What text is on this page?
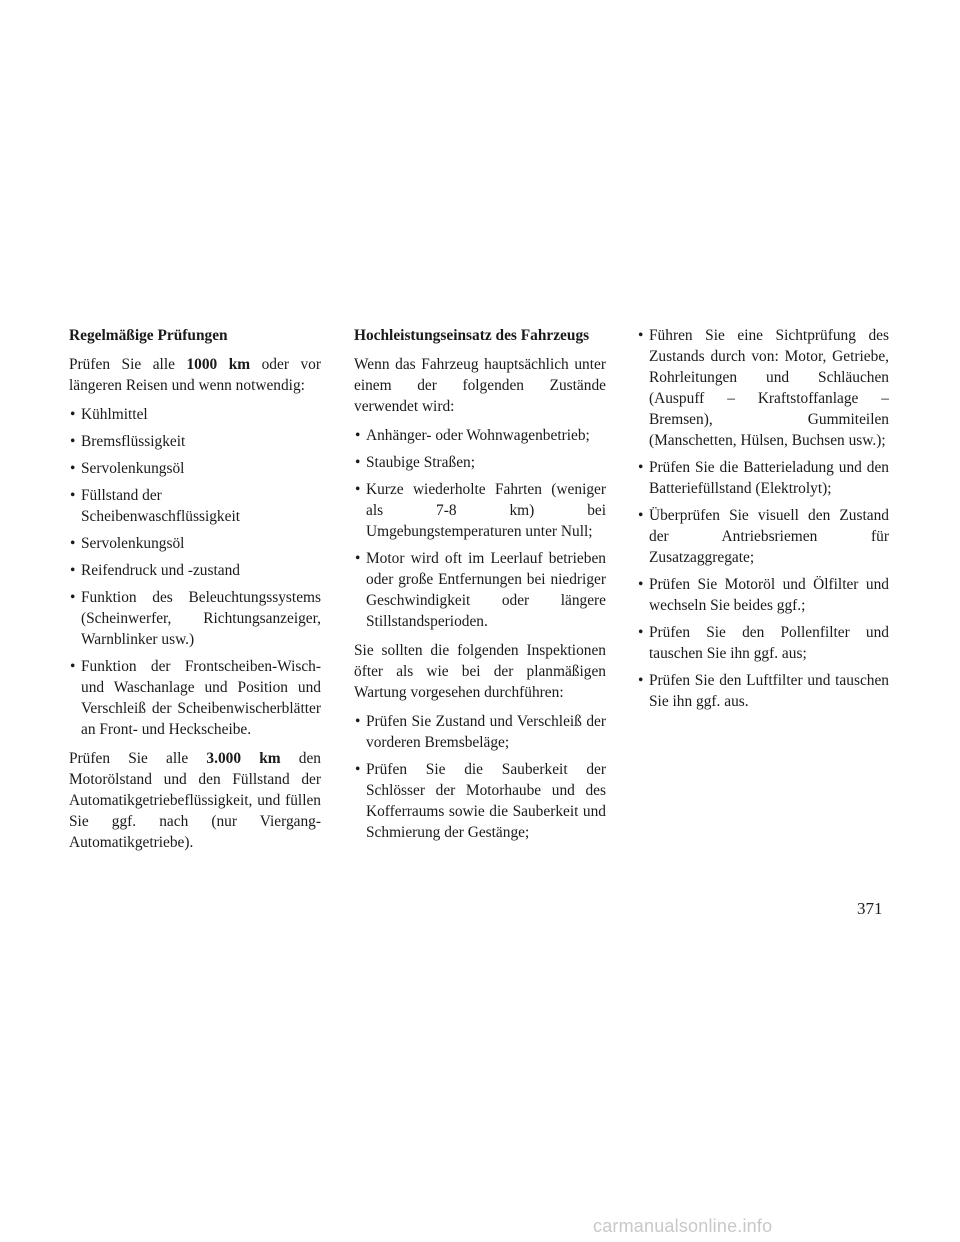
Regelmäßige Prüfungen
Prüfen Sie alle 1000 km oder vor längeren Reisen und wenn notwendig:
• Kühlmittel
• Bremsflüssigkeit
• Servolenkungsöl
• Füllstand der Scheibenwaschflüssigkeit
• Servolenkungsöl
• Reifendruck und -zustand
• Funktion des Beleuchtungssystems (Scheinwerfer, Richtungsanzeiger, Warnblinker usw.)
• Funktion der Frontscheiben-Wisch- und Waschanlage und Position und Verschleiß der Scheibenwischerblätter an Front- und Heckscheibe.
Prüfen Sie alle 3.000 km den Motorölstand und den Füllstand der Automatikgetriebeflüssigkeit, und füllen Sie ggf. nach (nur Viergang-Automatikgetriebe).
Hochleistungseinsatz des Fahrzeugs
Wenn das Fahrzeug hauptsächlich unter einem der folgenden Zustände verwendet wird:
• Anhänger- oder Wohnwagenbetrieb;
• Staubige Straßen;
• Kurze wiederholte Fahrten (weniger als 7-8 km) bei Umgebungstemperaturen unter Null;
• Motor wird oft im Leerlauf betrieben oder große Entfernungen bei niedriger Geschwindigkeit oder längere Stillstandsperioden.
Sie sollten die folgenden Inspektionen öfter als wie bei der planmäßigen Wartung vorgesehen durchführen:
• Prüfen Sie Zustand und Verschleiß der vorderen Bremsbeläge;
• Prüfen Sie die Sauberkeit der Schlösser der Motorhaube und des Kofferraums sowie die Sauberkeit und Schmierung der Gestänge;
• Führen Sie eine Sichtprüfung des Zustands durch von: Motor, Getriebe, Rohrleitungen und Schläuchen (Auspuff – Kraftstoffanlage – Bremsen), Gummiteilen (Manschetten, Hülsen, Buchsen usw.);
• Prüfen Sie die Batterieladung und den Batteriefüllstand (Elektrolyt);
• Überprüfen Sie visuell den Zustand der Antriebsriemen für Zusatzaggregate;
• Prüfen Sie Motoröl und Ölfilter und wechseln Sie beides ggf.;
• Prüfen Sie den Pollenfilter und tauschen Sie ihn ggf. aus;
• Prüfen Sie den Luftfilter und tauschen Sie ihn ggf. aus.
371
carmanualsonline.info
